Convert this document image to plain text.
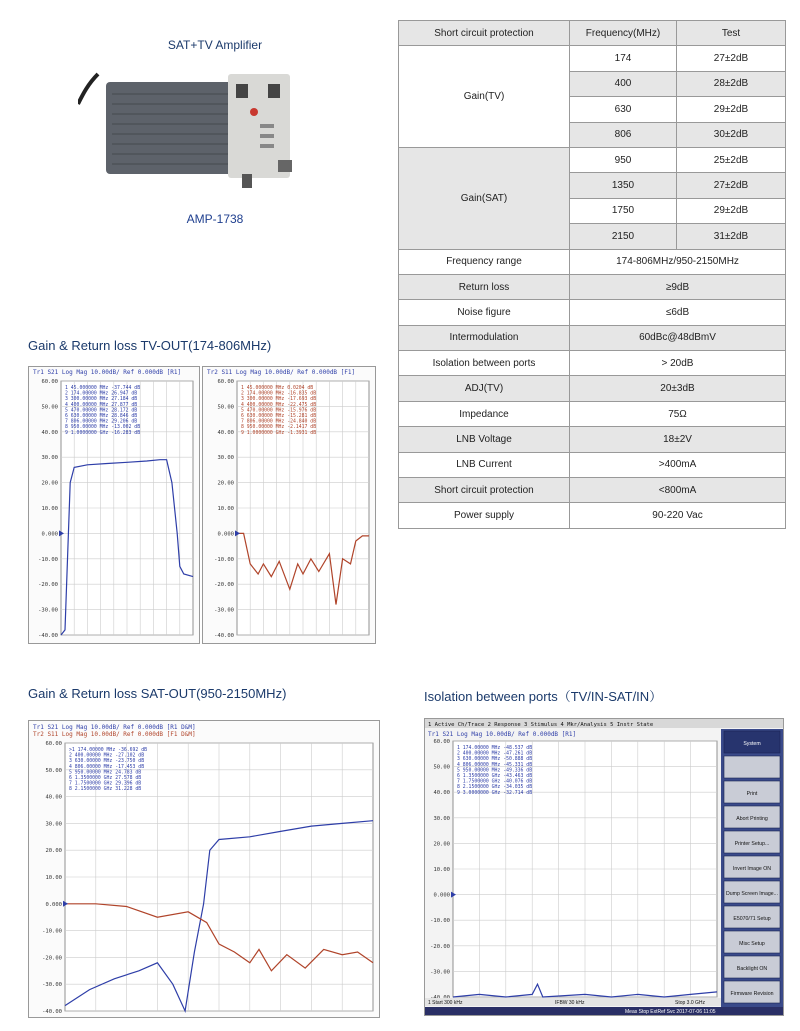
SAT+TV Amplifier
AMP-1738
Short circuit protection	Frequency(MHz)	Test
Gain(TV)	174	27±2dB
	400	28±2dB
	630	29±2dB
	806	30±2dB
Gain(SAT)	950	25±2dB
	1350	27±2dB
	1750	29±2dB
	2150	31±2dB
Frequency range	174-806MHz/950-2150MHz	
Return loss	≥9dB	
Noise figure	≤6dB	
Intermodulation	60dBc@48dBmV	
Isolation between ports	> 20dB	
ADJ(TV)	20±3dB	
Impedance	75Ω	
LNB Voltage	18±2V	
LNB Current	>400mA	
Short circuit protection	<800mA	
Power supply	90-220 Vac	
Gain & Return loss TV-OUT(174-806MHz)
Gain & Return loss SAT-OUT(950-2150MHz)	Isolation between ports（TV/IN-SAT/IN）
Tr1 S21 Log Mag 10.00dB/ Ref 0.000dB [R1]
60.00
50.00
40.00
30.00
20.00
10.00
0.000
-10.00
-20.00
-30.00
-40.00
1 45.000000 MHz -37.744 dB
2 174.00000 MHz 26.947 dB
3 300.00000 MHz 27.184 dB
4 400.00000 MHz 27.877 dB
5 470.00000 MHz 28.172 dB
6 630.00000 MHz 28.846 dB
7 806.00000 MHz 29.206 dB
8 950.00000 MHz -13.002 dB
9 1.0000000 GHz -16.283 dB
Tr2 S11 Log Mag 10.00dB/ Ref 0.000dB [F1]
60.00
50.00
40.00
30.00
20.00
10.00
0.000
-10.00
-20.00
-30.00
-40.00
1 45.000000 MHz 0.0204 dB
2 174.00000 MHz -16.835 dB
3 300.00000 MHz -17.693 dB
4 400.00000 MHz -22.475 dB
5 470.00000 MHz -15.976 dB
6 630.00000 MHz -15.281 dB
7 806.00000 MHz -24.840 dB
8 950.00000 MHz -2.1417 dB
9 1.0000000 GHz -1.3931 dB
Tr1 S21 Log Mag 10.00dB/ Ref 0.000dB [R1 D&M]
Tr2 S11 Log Mag 10.00dB/ Ref 0.000dB [F1 D&M]
60.00
50.00
40.00
30.00
20.00
10.00
0.000
-10.00
-20.00
-30.00
-40.00
>1 174.00000 MHz -36.692 dB
2 400.00000 MHz -27.102 dB
3 630.00000 MHz -23.750 dB
4 806.00000 MHz -17.453 dB
5 950.00000 MHz 24.783 dB
6 1.3500000 GHz 27.578 dB
7 1.7500000 GHz 29.396 dB
8 2.1500000 GHz 31.228 dB
1 Active Ch/Trace 2 Response 3 Stimulus 4 Mkr/Analysis 5 Instr State
Tr1 S21 Log Mag 10.00dB/ Ref 0.000dB [R1]
60.00
50.00
40.00
30.00
20.00
10.00
0.000
-10.00
-20.00
-30.00
1 174.00000 MHz -48.537 dB
2 400.00000 MHz -47.261 dB
3 630.00000 MHz -50.888 dB
4 806.00000 MHz -45.331 dB
5 950.00000 MHz -49.336 dB
6 1.3500000 GHz -43.463 dB
7 1.7500000 GHz -40.076 dB
8 2.1500000 GHz -34.035 dB
9 3.0000000 GHz -32.714 dB
1 Start 300 kHz	IFBW 30 kHz	Stop 3.0 GHz
Meas Stop ExtRef Svc 2017-07-06 11:05
System
Print
Abort Printing
Printer Setup...
Invert Image ON
Dump Screen Image...
E5070/71 Setup
Misc Setup
Backlight ON
Firmware Revision
